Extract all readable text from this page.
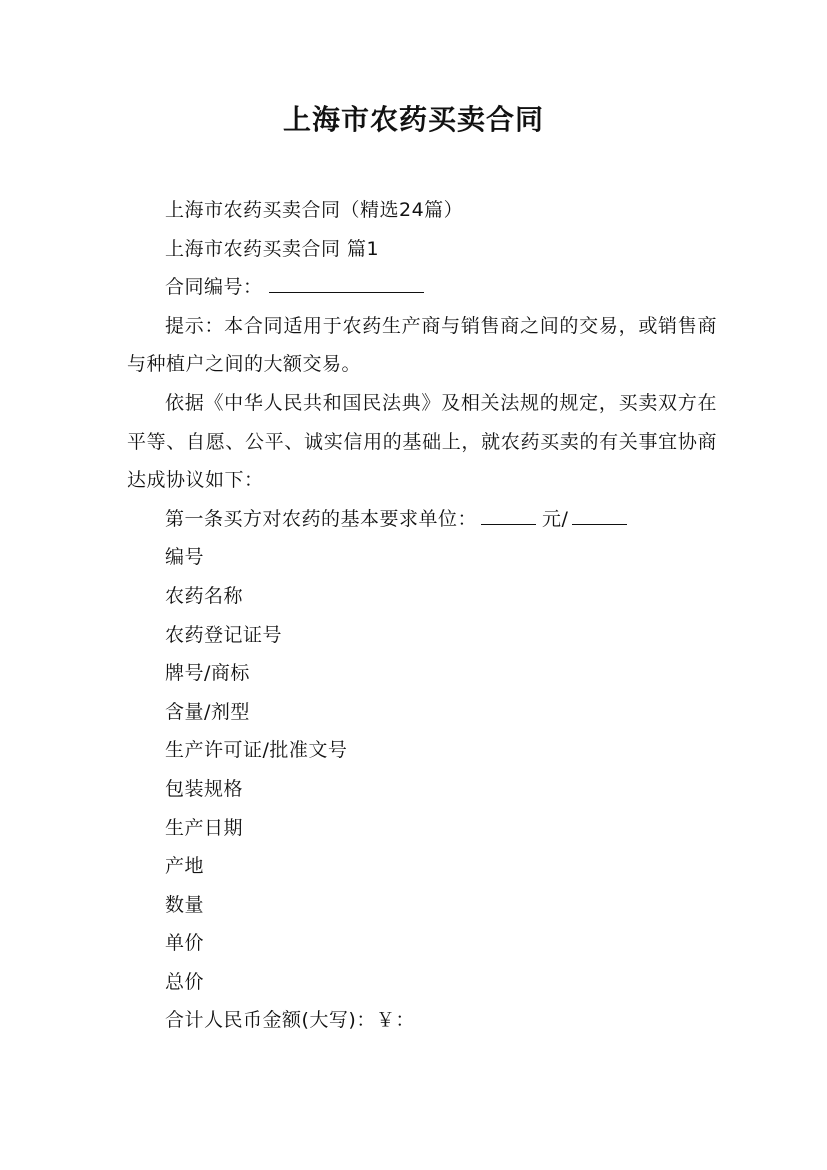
上海市农药买卖合同

上海市农药买卖合同（精选24篇）

上海市农药买卖合同 篇1

合同编号：

提示：本合同适用于农药生产商与销售商之间的交易，或销售商与种植户之间的大额交易。

依据《中华人民共和国民法典》及相关法规的规定，买卖双方在平等、自愿、公平、诚实信用的基础上，就农药买卖的有关事宜协商达成协议如下：

第一条买方对农药的基本要求单位：	元/

编号

农药名称

农药登记证号

牌号/商标

含量/剂型

生产许可证/批准文号

包装规格

生产日期

产地

数量

单价

总价

合计人民币金额(大写)：￥：
